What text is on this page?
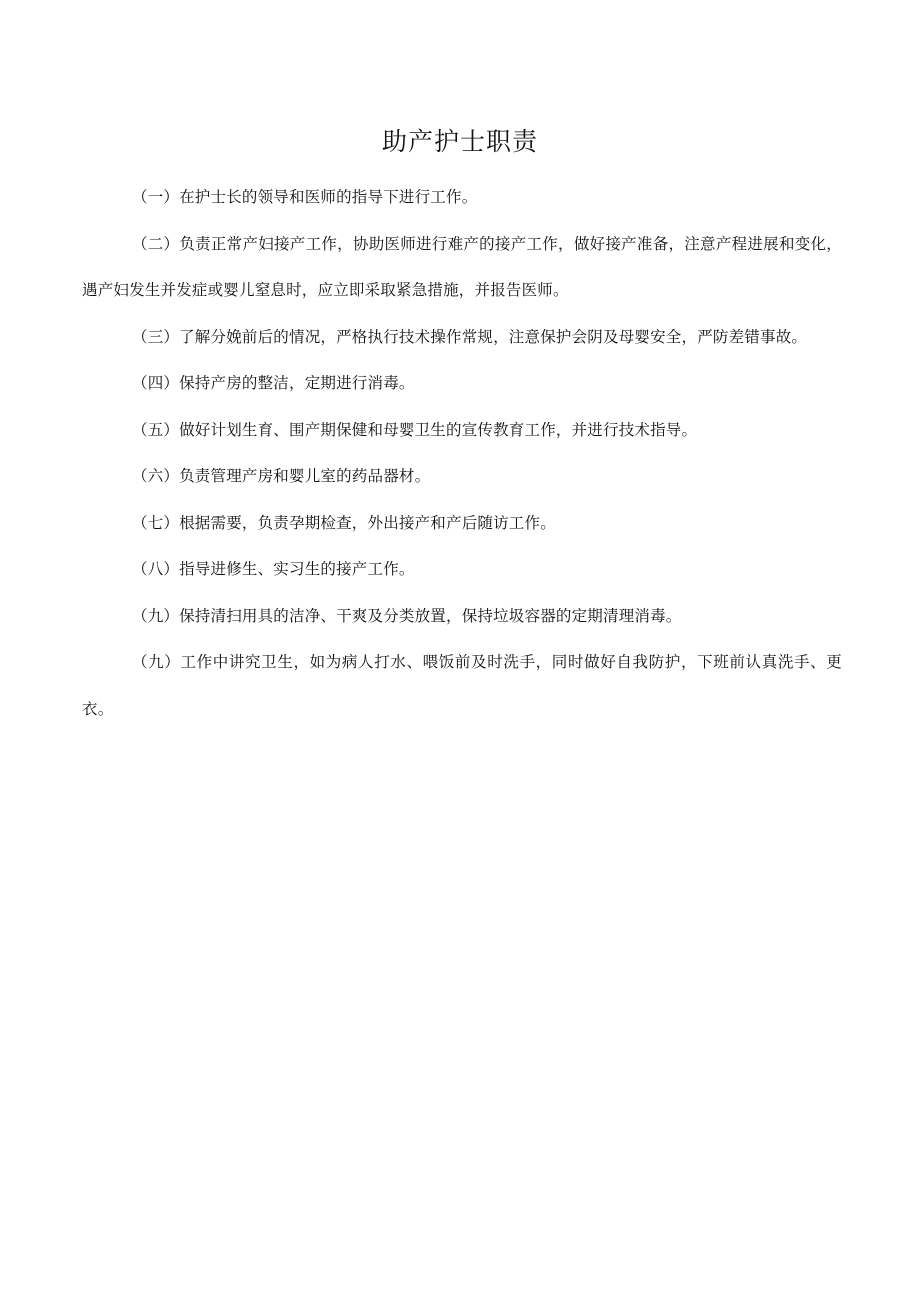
助产护士职责

（一）在护士长的领导和医师的指导下进行工作。

（二）负责正常产妇接产工作，协助医师进行难产的接产工作，做好接产准备，注意产程进展和变化，遇产妇发生并发症或婴儿窒息时，应立即采取紧急措施，并报告医师。

（三）了解分娩前后的情况，严格执行技术操作常规，注意保护会阴及母婴安全，严防差错事故。

（四）保持产房的整洁，定期进行消毒。

（五）做好计划生育、围产期保健和母婴卫生的宣传教育工作，并进行技术指导。

（六）负责管理产房和婴儿室的药品器材。

（七）根据需要，负责孕期检查，外出接产和产后随访工作。

（八）指导进修生、实习生的接产工作。

（九）保持清扫用具的洁净、干爽及分类放置，保持垃圾容器的定期清理消毒。

（九）工作中讲究卫生，如为病人打水、喂饭前及时洗手，同时做好自我防护，下班前认真洗手、更衣。
